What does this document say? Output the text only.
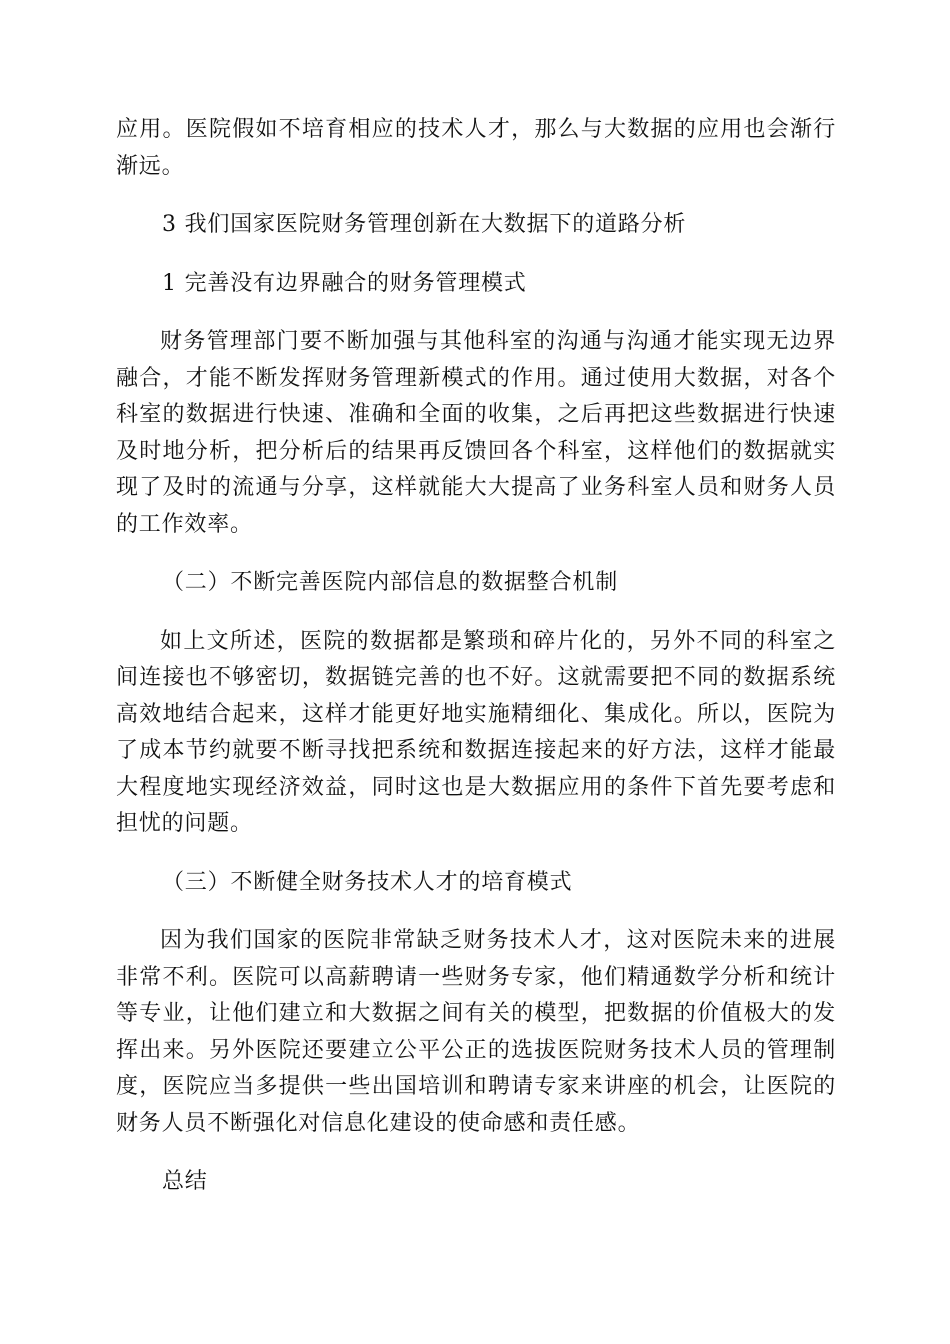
应用。医院假如不培育相应的技术人才，那么与大数据的应用也会渐行渐远。

3 我们国家医院财务管理创新在大数据下的道路分析

1 完善没有边界融合的财务管理模式

财务管理部门要不断加强与其他科室的沟通与沟通才能实现无边界融合，才能不断发挥财务管理新模式的作用。通过使用大数据，对各个科室的数据进行快速、准确和全面的收集，之后再把这些数据进行快速及时地分析，把分析后的结果再反馈回各个科室，这样他们的数据就实现了及时的流通与分享，这样就能大大提高了业务科室人员和财务人员的工作效率。

（二）不断完善医院内部信息的数据整合机制

如上文所述，医院的数据都是繁琐和碎片化的，另外不同的科室之间连接也不够密切，数据链完善的也不好。这就需要把不同的数据系统高效地结合起来，这样才能更好地实施精细化、集成化。所以，医院为了成本节约就要不断寻找把系统和数据连接起来的好方法，这样才能最大程度地实现经济效益，同时这也是大数据应用的条件下首先要考虑和担忧的问题。

（三）不断健全财务技术人才的培育模式

因为我们国家的医院非常缺乏财务技术人才，这对医院未来的进展非常不利。医院可以高薪聘请一些财务专家，他们精通数学分析和统计等专业，让他们建立和大数据之间有关的模型，把数据的价值极大的发挥出来。另外医院还要建立公平公正的选拔医院财务技术人员的管理制度，医院应当多提供一些出国培训和聘请专家来讲座的机会，让医院的财务人员不断强化对信息化建设的使命感和责任感。

总结
